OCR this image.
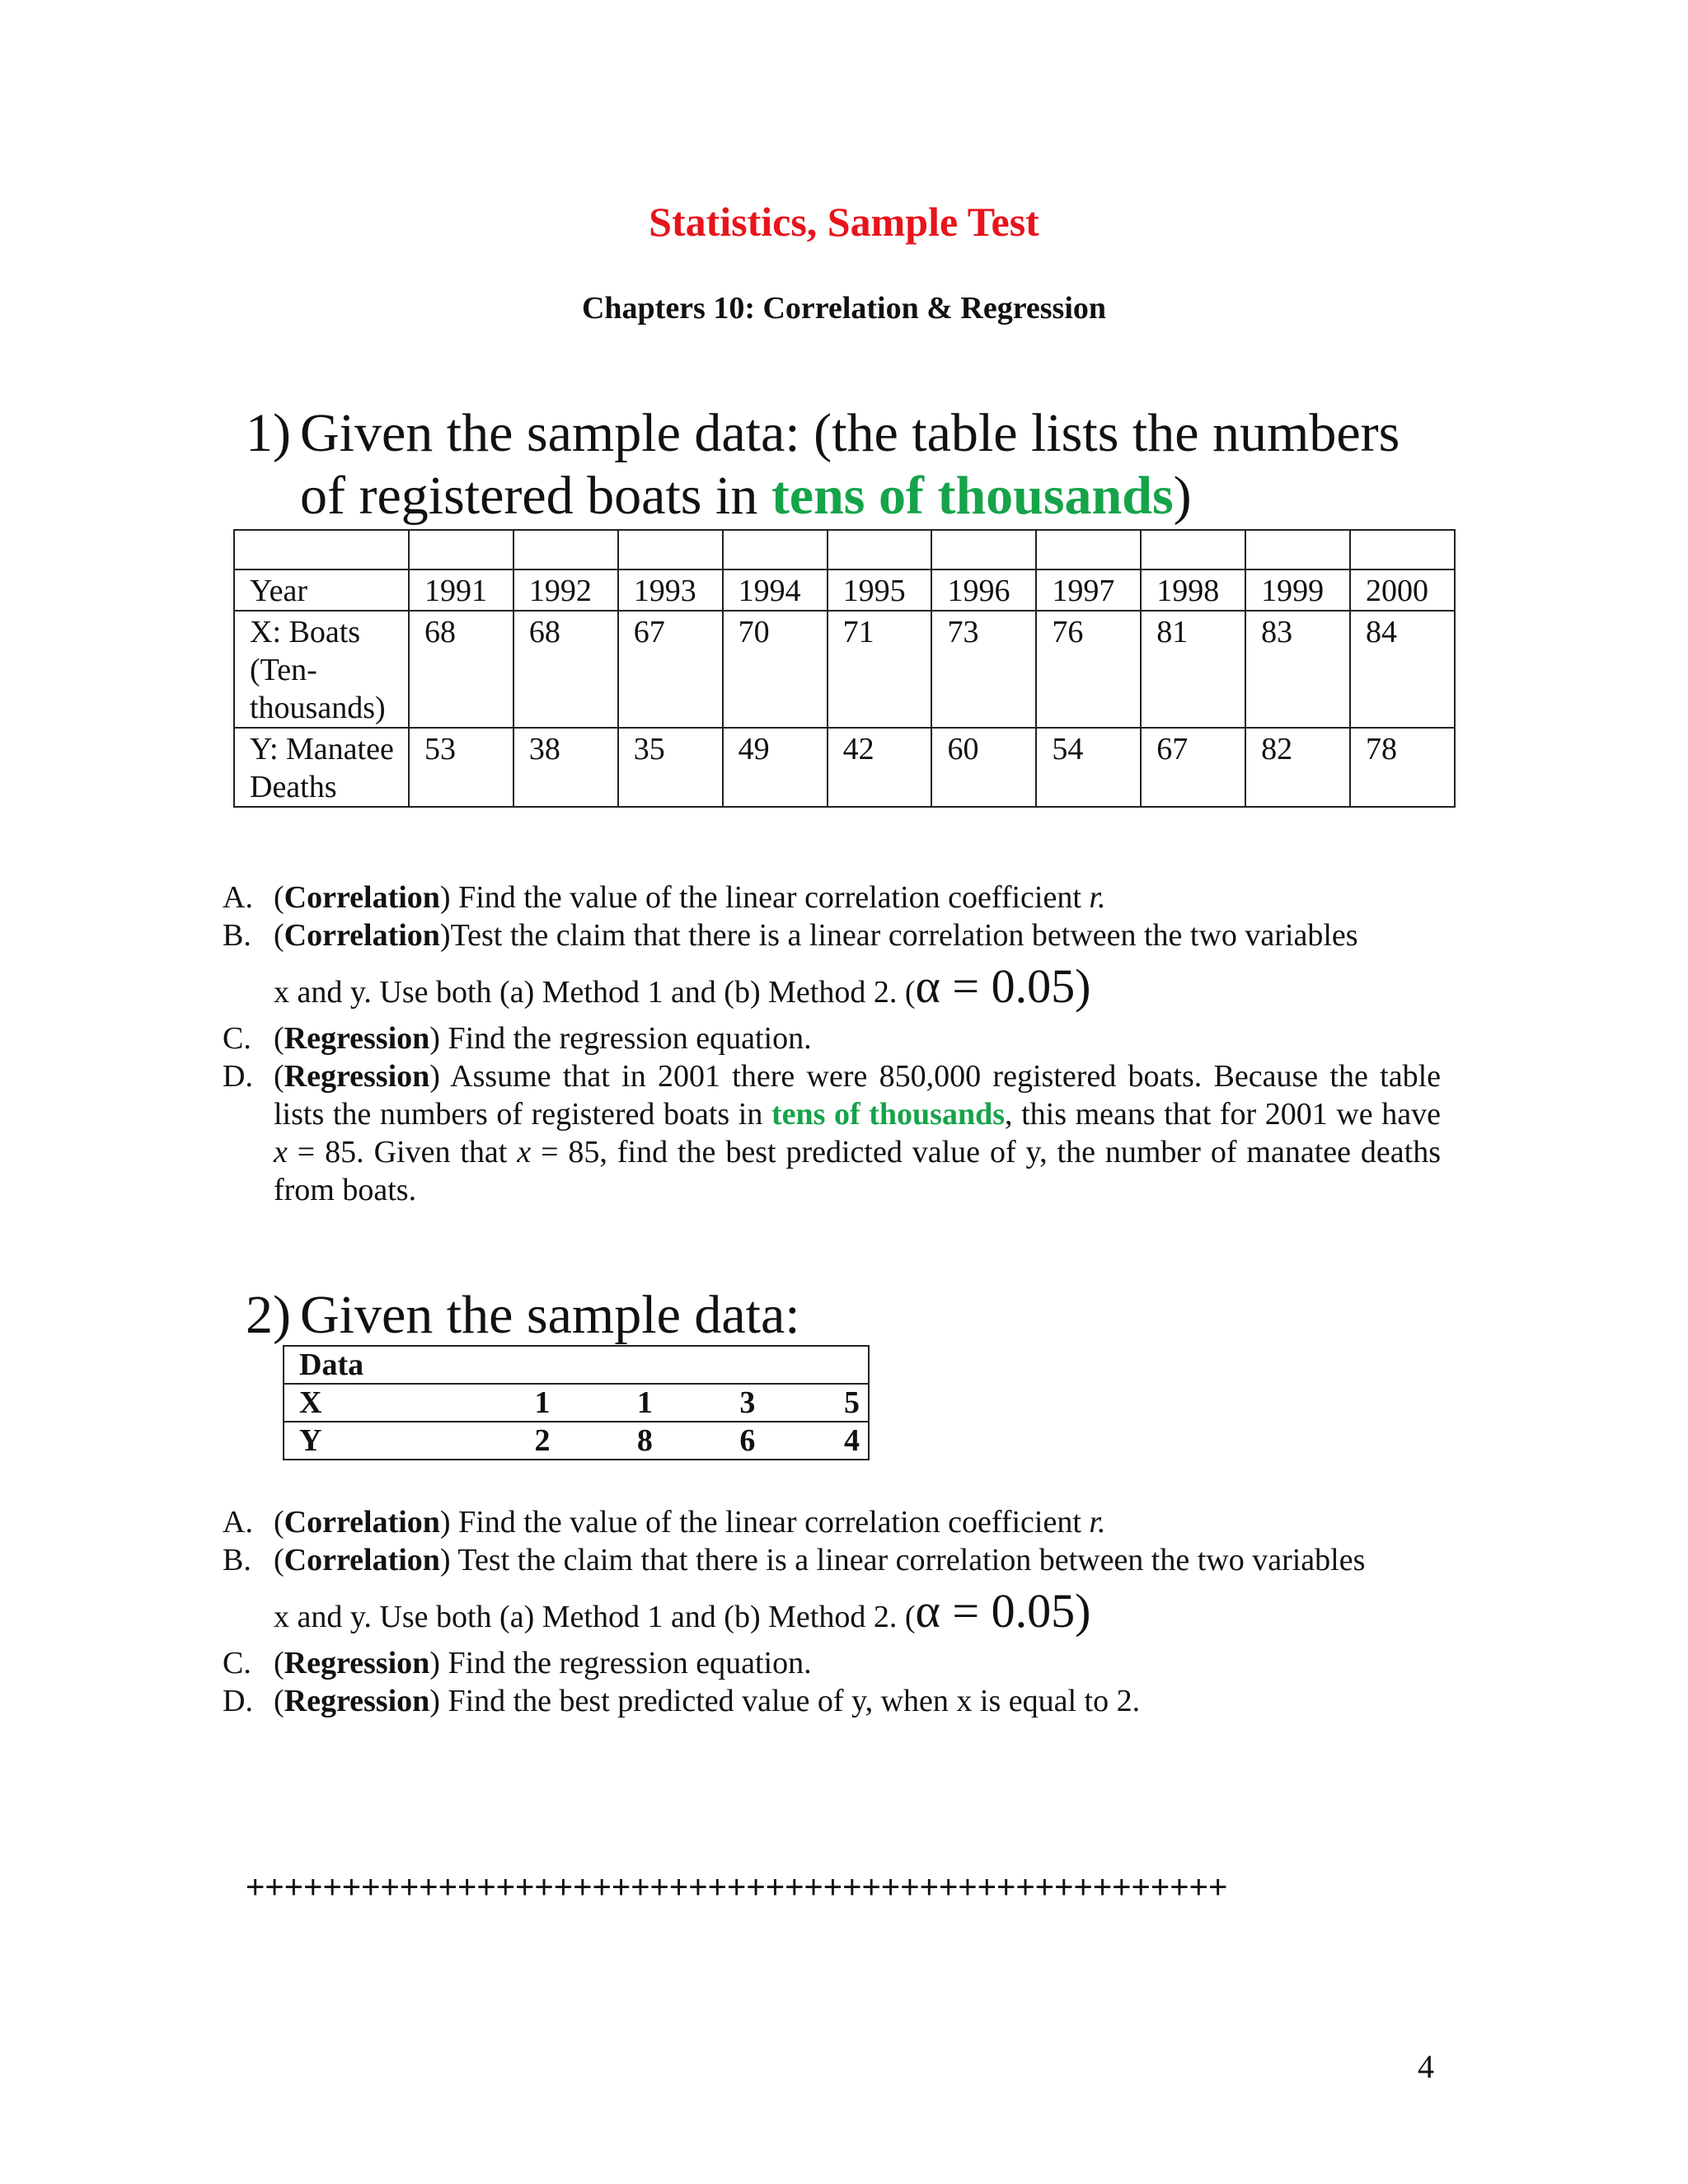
Statistics, Sample Test
Chapters 10: Correlation & Regression
1) Given the sample data: (the table lists the numbers
of registered boats in tens of thousands)

Year	1991	1992	1993	1994	1995	1996	1997	1998	1999	2000
X: Boats (Ten-thousands)	68	68	67	70	71	73	76	81	83	84
Y: Manatee Deaths	53	38	35	49	42	60	54	67	82	78
A. (Correlation) Find the value of the linear correlation coefficient r.
B. (Correlation)Test the claim that there is a linear correlation between the two variables
x and y. Use both (a) Method 1 and (b) Method 2. (α = 0.05)
C. (Regression) Find the regression equation.
D. (Regression) Assume that in 2001 there were 850,000 registered boats. Because the table lists the numbers of registered boats in tens of thousands, this means that for 2001 we have x = 85. Given that x = 85, find the best predicted value of y, the number of manatee deaths from boats.
2) Given the sample data:
Data				
X	1	1	3	5
Y	2	8	6	4
A. (Correlation) Find the value of the linear correlation coefficient r.
B. (Correlation) Test the claim that there is a linear correlation between the two variables
x and y. Use both (a) Method 1 and (b) Method 2. (α = 0.05)
C. (Regression) Find the regression equation.
D. (Regression) Find the best predicted value of y, when x is equal to 2.
+++++++++++++++++++++++++++++++++++++++++++++++++++
4
